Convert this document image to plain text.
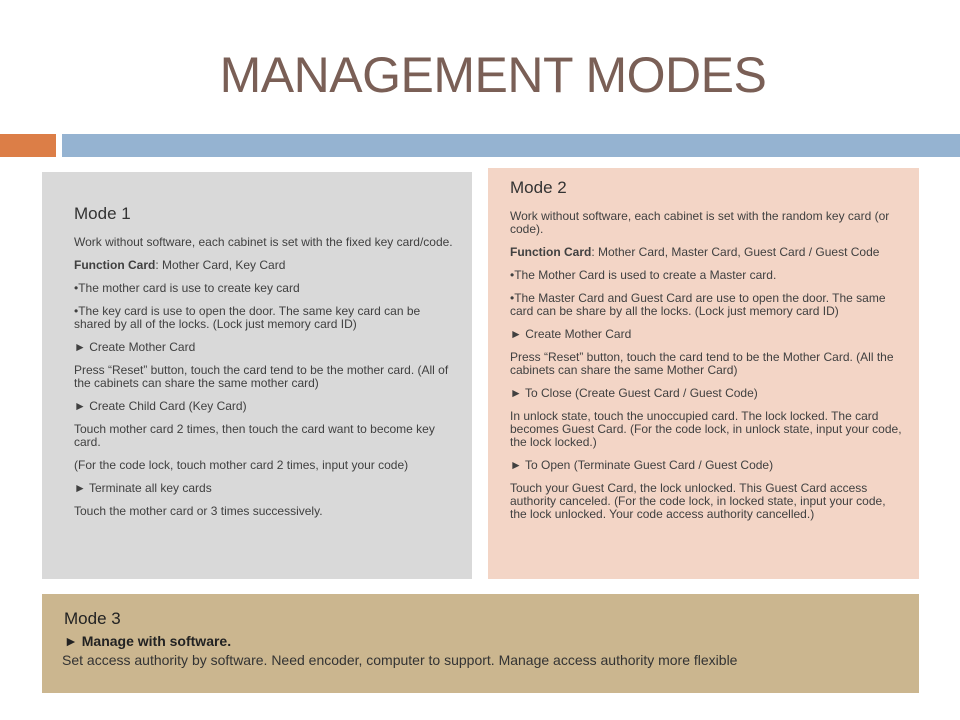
MANAGEMENT MODES
Mode 1

Work without software, each cabinet is set with the fixed key card/code.

Function Card: Mother Card, Key Card

•The mother card is use to create key card

•The key card is use to open the door. The same key card can be shared by all of the locks. (Lock just memory card ID)

► Create Mother Card

Press “Reset” button, touch the card tend to be the mother card. (All of the cabinets can share the same mother card)

► Create Child Card (Key Card)

Touch mother card 2 times, then touch the card want to become key card.

(For the code lock, touch mother card 2 times, input your code)

► Terminate all key cards

Touch the mother card or 3 times successively.

Mode 2

Work without software, each cabinet is set with the random key card (or code).

Function Card: Mother Card, Master Card, Guest Card / Guest Code

•The Mother Card is used to create a Master card.

•The Master Card and Guest Card are use to open the door. The same card can be share by all the locks. (Lock just memory card ID)

► Create Mother Card

Press “Reset” button, touch the card tend to be the Mother Card. (All the cabinets can share the same Mother Card)

► To Close (Create Guest Card / Guest Code)

In unlock state, touch the unoccupied card. The lock locked. The card becomes Guest Card. (For the code lock, in unlock state, input your code, the lock locked.)

► To Open (Terminate Guest Card / Guest Code)

Touch your Guest Card, the lock unlocked. This Guest Card access authority canceled. (For the code lock, in locked state, input your code, the lock unlocked. Your code access authority cancelled.)

Mode 3

► Manage with software.

Set access authority by software. Need encoder, computer to support. Manage access authority more flexible
